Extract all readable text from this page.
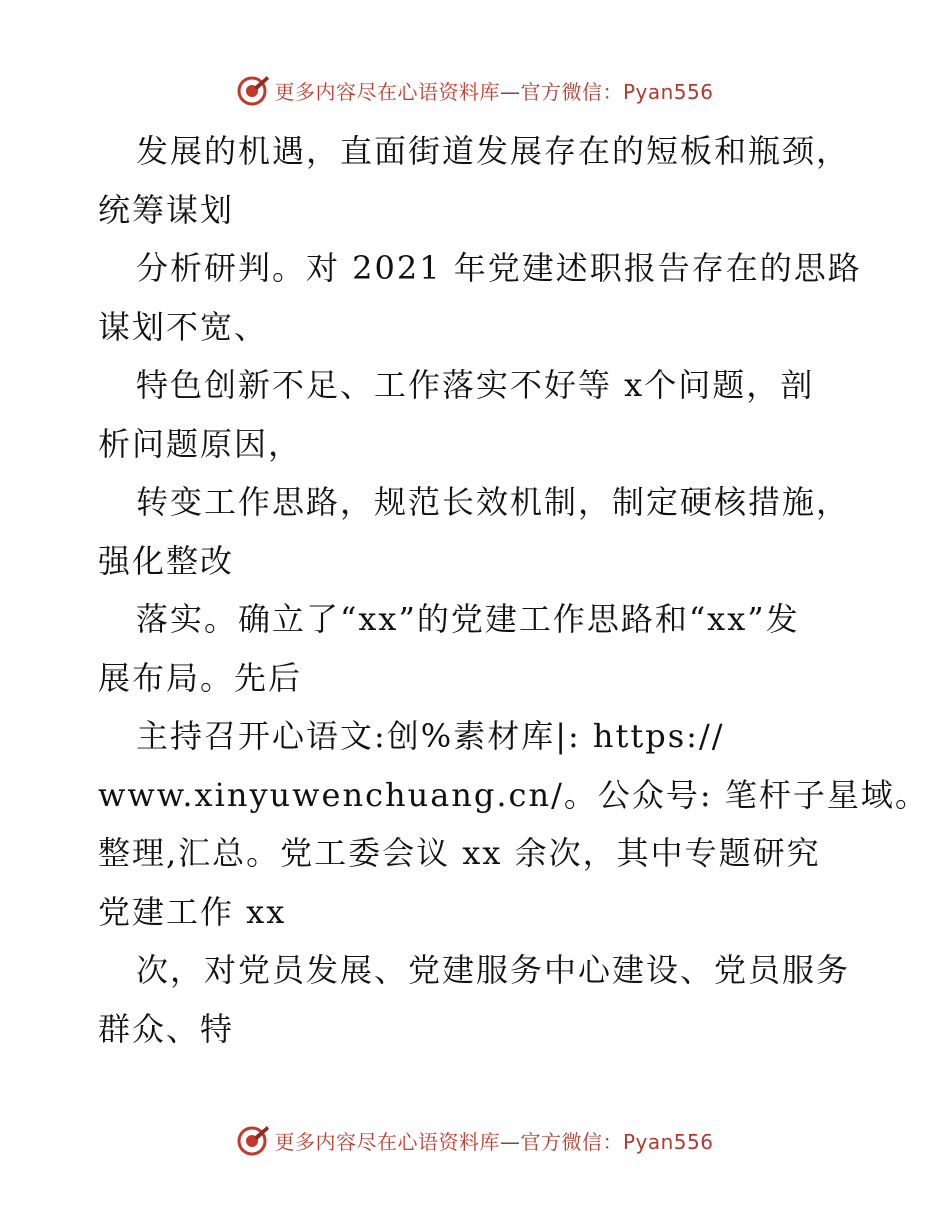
更多内容尽在心语资料库—官方微信：Pyan556
发展的机遇，直面街道发展存在的短板和瓶颈，
统筹谋划
分析研判。对 2021 年党建述职报告存在的思路
谋划不宽、
特色创新不足、工作落实不好等 x个问题，剖
析问题原因，
转变工作思路，规范长效机制，制定硬核措施，
强化整改
落实。确立了“xx”的党建工作思路和“xx”发
展布局。先后
主持召开心语文:创%素材库|: https://
www.xinyuwenchuang.cn/。公众号: 笔杆子星域。
整理,汇总。党工委会议 xx 余次，其中专题研究
党建工作 xx
次，对党员发展、党建服务中心建设、党员服务
群众、特
更多内容尽在心语资料库—官方微信：Pyan556
